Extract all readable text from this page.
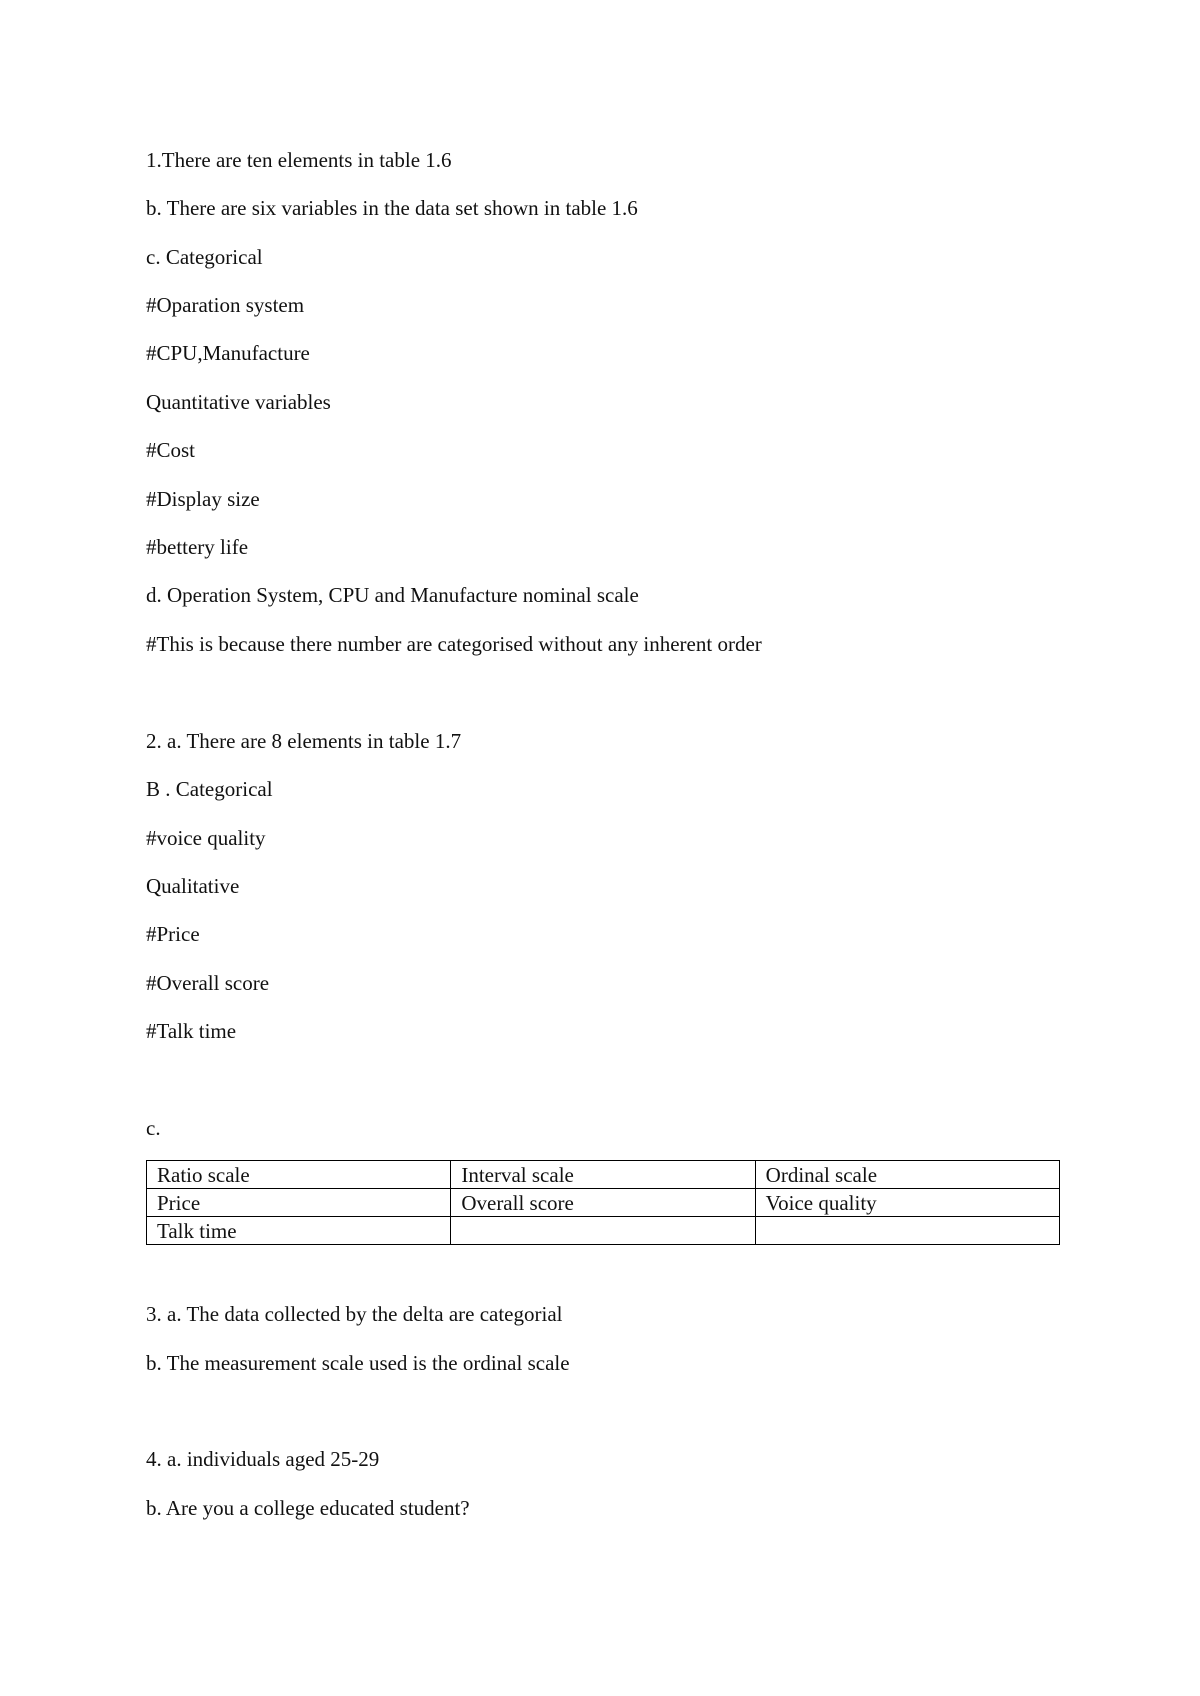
1.There are ten elements in table 1.6
b. There are six variables in the data set shown in table 1.6
c. Categorical
#Oparation system
#CPU,Manufacture
Quantitative variables
#Cost
#Display size
#bettery life
d. Operation System, CPU and Manufacture nominal scale
#This is because there number are categorised without any inherent order
2. a. There are 8 elements in table 1.7
B . Categorical
#voice quality
Qualitative
#Price
#Overall score
#Talk time
c.
Ratio scale	Interval scale	Ordinal scale
Price	Overall score	Voice quality
Talk time		
3. a. The data collected by the delta are categorial
b. The measurement scale used is the ordinal scale
4. a. individuals aged 25-29
b. Are you a college educated student?
